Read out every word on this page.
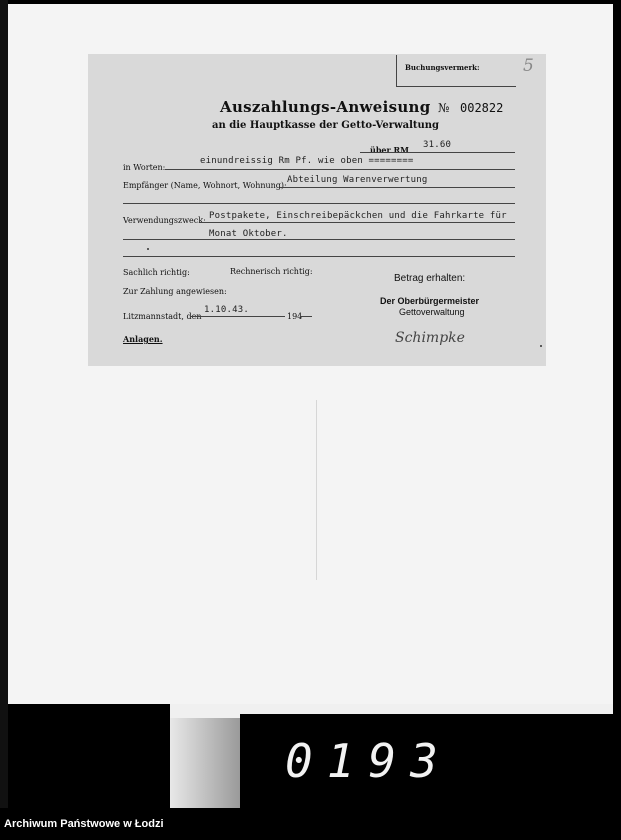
Buchungsvermerk:	5
Auszahlungs-Anweisung № 002822
an die Hauptkasse der Getto-Verwaltung
über RM 31.60
in Worten:
einundreissig Rm Pf. wie oben ========
Empfänger (Name, Wohnort, Wohnung):
Abteilung Warenverwertung
Verwendungszweck: Postpakete, Einschreibepäckchen und die Fahrkarte für
Monat Oktober.
Sachlich richtig:	Rechnerisch richtig:
Betrag erhalten:
Zur Zahlung angewiesen:
Der Oberbürgermeister
Gettoverwaltung
Litzmannstadt, den
1.10.43.
194
Anlagen.	Schimpke
0193
Archiwum Państwowe w Łodzi
